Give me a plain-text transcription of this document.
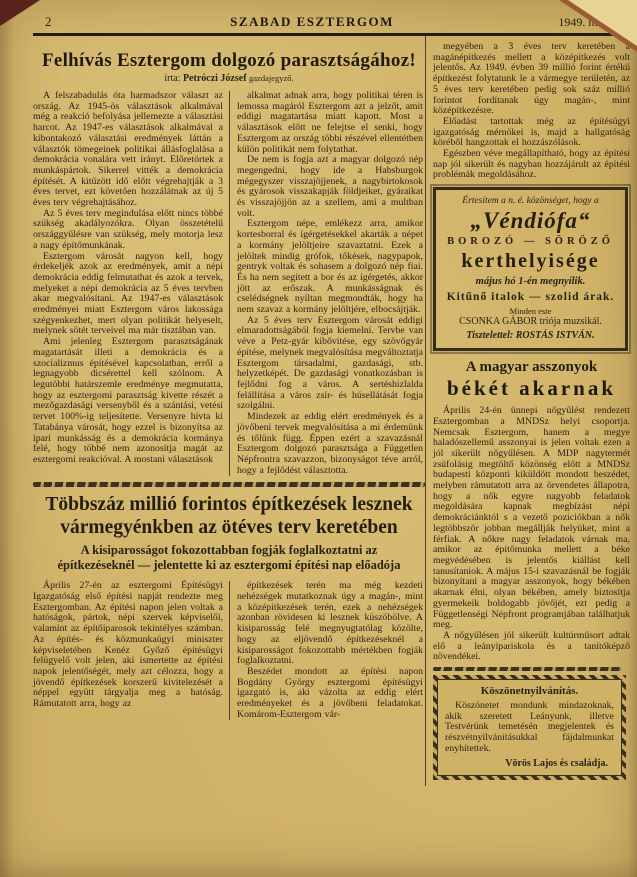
2	SZABAD ESZTERGOM	1949. május 1.
Felhívás Esztergom dolgozó parasztságához!
írta: Petróczi József gazdajegyző.

A felszabadulás óta harmadszor választ az ország. Az 1945-ös választások alkalmával még a reakció befolyása jellemezte a választási harcot. Az 1947-es választások alkalmával a kibontakozó választási eredmények láttán a választók tömegeinek politikai állásfoglalása a demokrácia vonalára vett irányt. Előretörtek a munkáspártok. Sikerrel vitték a demokrácia építését. A kitűzött idő előtt végrehajtják a 3 éves tervet, ezt követően hozzálátnak az új 5 éves terv végrehajtásához.

Az 5 éves terv megindulása előtt nincs többé szükség akadályozókra. Olyan összetételű országgyűlésre van szükség, mely motorja lesz a nagy építőmunkának.

Esztergom városát nagyon kell, hogy érdekeljék azok az eredmények, amit a népi demokrácia eddig felmutathat és azok a tervek, melyeket a népi demokrácia az 5 éves tervben akar megvalósítani. Az 1947-es választások eredményei miatt Esztergom város lakossága szégyenkezhet, mert olyan politikát helyeselt, melynek sötét terveivel ma már tisztában van.

Ami jelenleg Esztergom parasztságának magatartását illeti a demokrácia és a szocializmus építésével kapcsolatban, erről a legnagyobb dicsérettel kell szólnom. A legutóbbi határszemle eredménye megmutatta, hogy az esztergomi parasztság kivette részét a mezőgazdasági versenyből és a szántási, vetési tervet 100%-ig teljesítette. Versenyre hívta ki Tatabánya városát, hogy ezzel is bizonyítsa az ipari munkásság és a demokrácia kormánya felé, hogy többé nem azonosítja magát az esztergomi reakcióval. A mostani választások

alkalmat adnak arra, hogy politikai téren is lemossa magáról Esztergom azt a jelzőt, amit eddigi magatartása miatt kapott. Most a választások előtt ne felejtse el senki, hogy Esztergom az ország többi részével ellentétben külön politikát nem folytathat.

De nem is fogja azt a magyar dolgozó nép megengedni, hogy ide a Habsburgok mégegyszer visszajöjjenek, a nagybirtokosok és gyárosok visszakapják földjeiket, gyáraikat és visszajöjjön az a szellem, ami a multban volt.

Esztergom népe, emlékezz arra, amikor kortesborral és ígérgetésekkel akarták a népet a kormány jelöltjeire szavaztatni. Ezek a jelöltek mindig grófok, tőkések, nagypapok, gentryk voltak és sohasem a dolgozó nép fiai. És ha nem segített a bor és az ígérgetés, akkor jött az erőszak. A munkásságnak és cselédségnek nyíltan megmondták, hogy ha nem szavaz a kormány jelöltjére, elbocsájtják.

Az 5 éves terv Esztergom városát eddigi elmaradottságából fogja kiemelni. Tervbe van véve a Petz-gyár kibővítése, egy szövőgyár építése, melynek megvalósítása megváltoztatja Esztergom társadalmi, gazdasági, stb. helyzetképét. De gazdasági vonatkozásban is fejlődni fog a város. A sertéshizlalda felállítása a város zsír- és húsellátását fogja szolgálni.

Mindezek az eddig elért eredmények és a jövőbeni tervek megvalósítása a mi érdemünk és tőlünk függ. Éppen ezért a szavazásnál Esztergom dolgozó parasztsága a Független Népfrontra szavazzon, bizonyságot téve arról, hogy a fejlődést választotta.

Többszáz millió forintos építkezések lesznek vármegyénkben az ötéves terv keretében
A kisiparosságot fokozottabban fogják foglalkoztatni az építkezéseknél — jelentette ki az esztergomi építési nap előadója

Április 27-én az esztergomi Építésügyi Igazgatóság első építési napját rendezte meg Esztergomban. Az építési napon jelen voltak a hatóságok, pártok, népi szervek képviselői, valamint az építőiparosok tekintélyes számban. Az építés- és közmunkaügyi miniszter képviseletében Kenéz Győző építésügyi felügyelő volt jelen, aki ismertette az építési napok jelentőségét, mely azt célozza, hogy a jövendő építkezések korszerű kivitelezését a néppel együtt tárgyalja meg a hatóság. Rámutatott arra, hogy az

építkezések terén ma még kezdeti nehézségek mutatkoznak úgy a magán-, mint a középítkezések terén, ezek a nehézségek azonban rövidesen ki lesznek küszöbölve. A kisiparosság felé megnyugtatólag közölte, hogy az eljövendő építkezéseknél a kisiparosságot fokozottabb mértékben fogják foglalkoztatni.

Beszédet mondott az építési napon Bogdány György esztergomi építésügyi igazgató is, aki vázolta az eddig elért eredményeket és a jövőbeni feladatokat. Komárom-Esztergom vár-

megyében a 3 éves terv keretében a magánépítkezés mellett a középítkezés volt jelentős. Az 1949. évben 39 millió forint értékű építkezést folytatunk le a vármegye területén, az 5 éves terv keretében pedig sok száz millió forintot fordítanak úgy magán-, mint középítkezésre.

Előadást tartottak még az építésügyi igazgatóság mérnökei is, majd a hallgatóság köréből hangzottak el hozzászólások.

Egészben véve megállapítható, hogy az építési nap jól sikerült és nagyban hozzájárult az építési problémák megoldásához.

Értesítem a n. é. közönséget, hogy a
„Véndiófa“
BOROZÓ — SÖRÖZŐ
kerthelyisége
május hó 1-én megnyílik.
Kitűnő italok — szolid árak.
Minden este
CSONKA GÁBOR triója muzsikál.
Tisztelettel: ROSTÁS ISTVÁN.
A magyar asszonyok
békét akarnak

Április 24-én ünnepi nőgyűlést rendezett Esztergomban a MNDSz helyi csoportja. Nemcsak Esztergom, hanem a megye haladószellemű asszonyai is jelen voltak ezen a jól sikerült nőgyűlésen. A MDP nagytermét zsúfolásig megtöltő közönség előtt a MNDSz budapesti központi kiküldött mondott beszédet, melyben rámutatott arra az örvendetes állapotra, hogy a nők egyre nagyobb feladatok megoldására kapnak megbízást népi demokráciánktól s a vezető pozíciókban a nők legtöbbször jobban megállják helyüket, mint a férfiak. A nőkre nagy feladatok várnak ma, amikor az építőmunka mellett a béke megvédésében is jelentős kiállást kell tanusítaniok. A május 15-i szavazásnál be fogják bizonyítani a magyar asszonyok, hogy békében akarnak élni, olyan békében, amely biztosítja gyermekeik boldogabb jövőjét, ezt pedig a Függetlenségi Népfront programjában találhatjuk meg.

A nőgyűlésen jól sikerült kultúrműsort adtak elő a leányipariskola és a tanítóképző növendékei.

Köszönetnyilvánítás.

Köszönetet mondunk mindazoknak, akik szeretett Leányunk, illetve Testvérünk temetésén megjelentek és részvétnyilvánításukkal fájdalmunkat enyhítettek.

Vörös Lajos és családja.
